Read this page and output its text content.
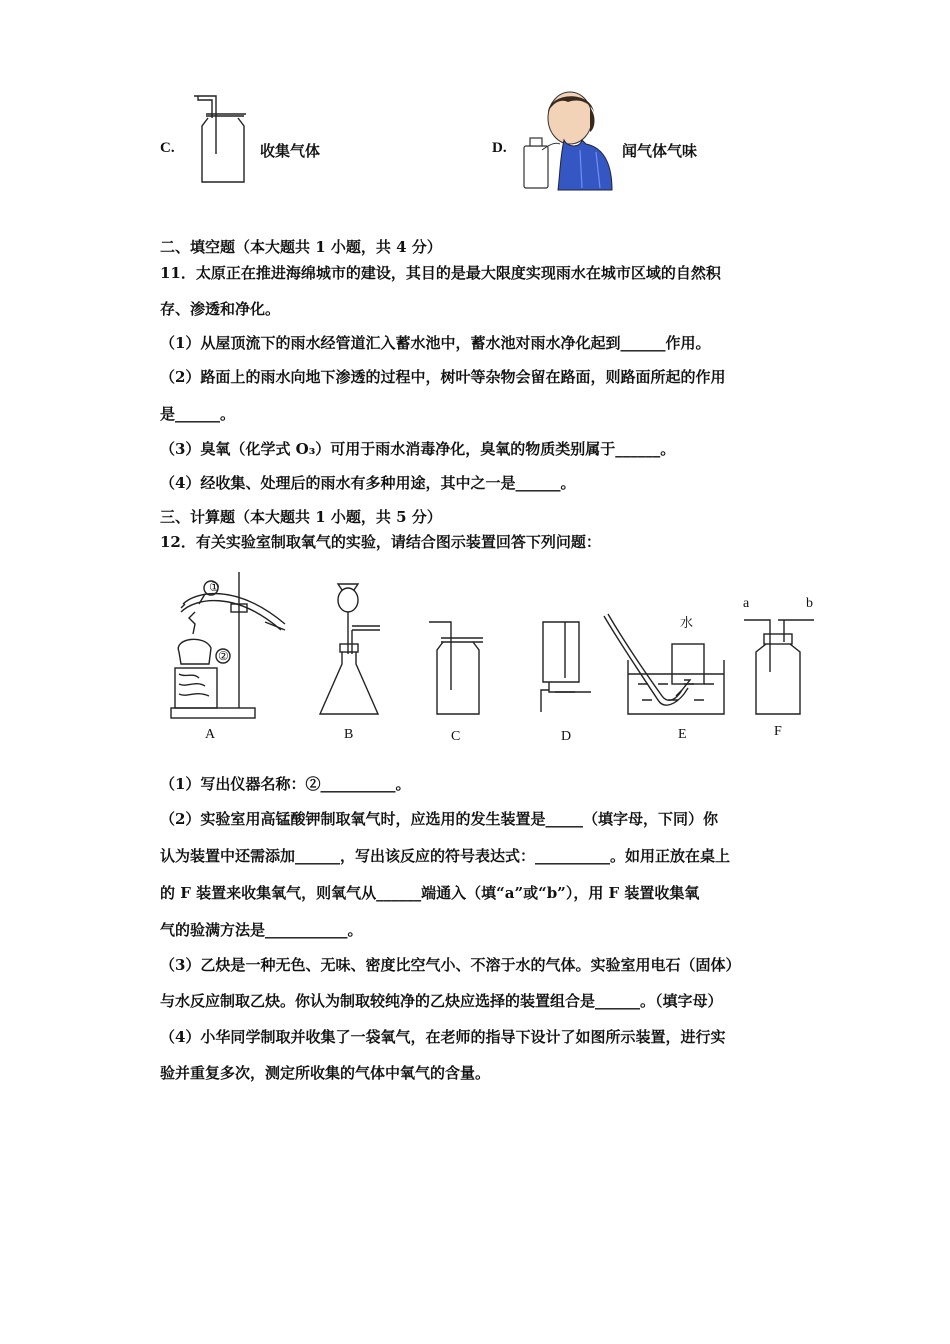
C.	收集气体	D.	闻气体气味
二、填空题（本大题共 1 小题，共 4 分）
11．太原正在推进海绵城市的建设，其目的是最大限度实现雨水在城市区域的自然积
存、渗透和净化。
（1）从屋顶流下的雨水经管道汇入蓄水池中，蓄水池对雨水净化起到______作用。
（2）路面上的雨水向地下渗透的过程中，树叶等杂物会留在路面，则路面所起的作用
是______。
（3）臭氧（化学式 O₃）可用于雨水消毒净化，臭氧的物质类别属于______。
（4）经收集、处理后的雨水有多种用途，其中之一是______。
三、计算题（本大题共 1 小题，共 5 分）
12．有关实验室制取氧气的实验，请结合图示装置回答下列问题：
①
②
水
a	b
A	B	C	D	E	F
（1）写出仪器名称：②__________。
（2）实验室用高锰酸钾制取氧气时，应选用的发生装置是_____（填字母，下同）你
认为装置中还需添加______，写出该反应的符号表达式：__________。如用正放在桌上
的 F 装置来收集氧气，则氧气从______端通入（填“a”或“b”），用 F 装置收集氧
气的验满方法是___________。
（3）乙炔是一种无色、无味、密度比空气小、不溶于水的气体。实验室用电石（固体）
与水反应制取乙炔。你认为制取较纯净的乙炔应选择的装置组合是______。（填字母）
（4）小华同学制取并收集了一袋氧气，在老师的指导下设计了如图所示装置，进行实
验并重复多次，测定所收集的气体中氧气的含量。
